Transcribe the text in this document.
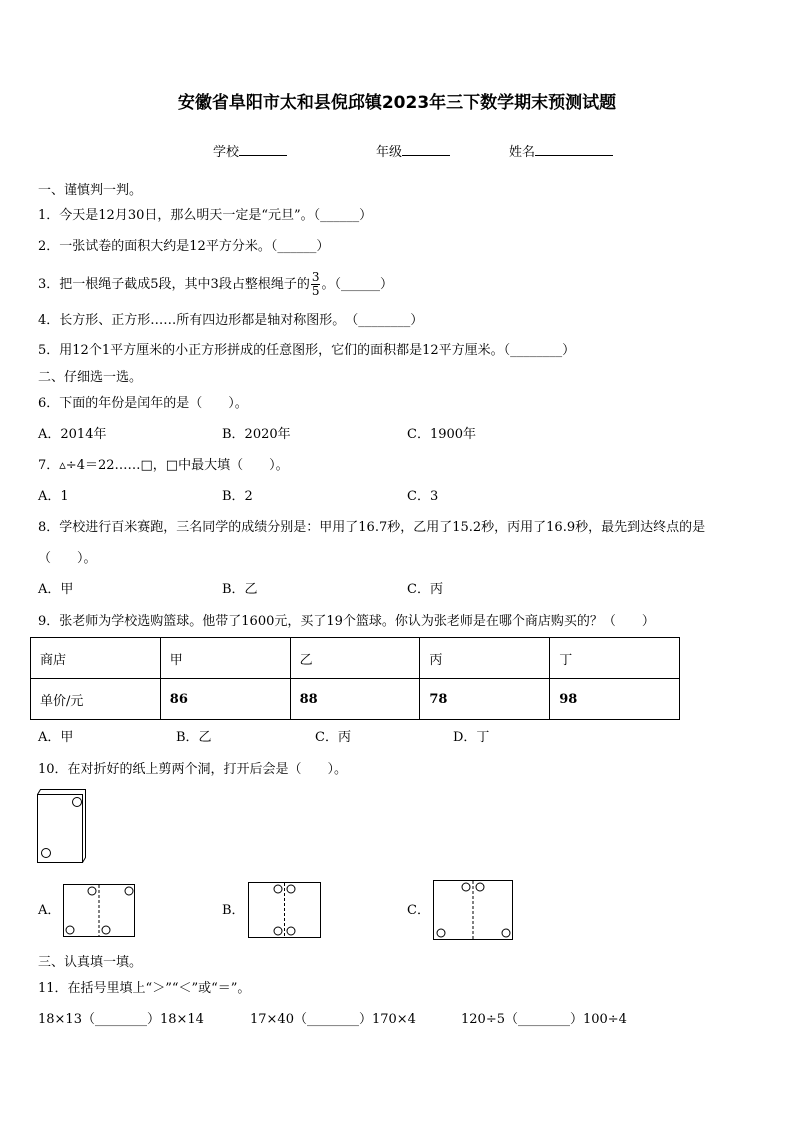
安徽省阜阳市太和县倪邱镇2023年三下数学期末预测试题
学校	年级	姓名
一、谨慎判一判。
1．今天是12月30日，那么明天一定是“元旦”。（______）
2．一张试卷的面积大约是12平方分米。（______）
3．把一根绳子截成5段，其中3段占整根绳子的 $\frac{3}{5}$ 。（______）
4．长方形、正方形……所有四边形都是轴对称图形。　（________）
5．用12个1平方厘米的小正方形拼成的任意图形，它们的面积都是12平方厘米。（________）
二、仔细选一选。
6．下面的年份是闰年的是（　　）。
A．2014年	B．2020年	C．1900年
7．▵÷4＝22……□，□中最大填（　　）。
A．1	B．2	C．3
8．学校进行百米赛跑，三名同学的成绩分别是：甲用了16.7秒，乙用了15.2秒，丙用了16.9秒，最先到达终点的是
（　　）。
A．甲	B．乙	C．丙
9．张老师为学校选购篮球。他带了1600元，买了19个篮球。你认为张老师是在哪个商店购买的？（　　）
商店	甲	乙	丙	丁
单价/元	86	88	78	98
A．甲	B．乙	C．丙	D．丁
10．在对折好的纸上剪两个洞，打开后会是（　　）。
A．	B．	C．
三、认真填一填。
11．在括号里填上“＞”“＜”或“＝”。
18×13（________）18×14	17×40（________）170×4	120÷5（________）100÷4
